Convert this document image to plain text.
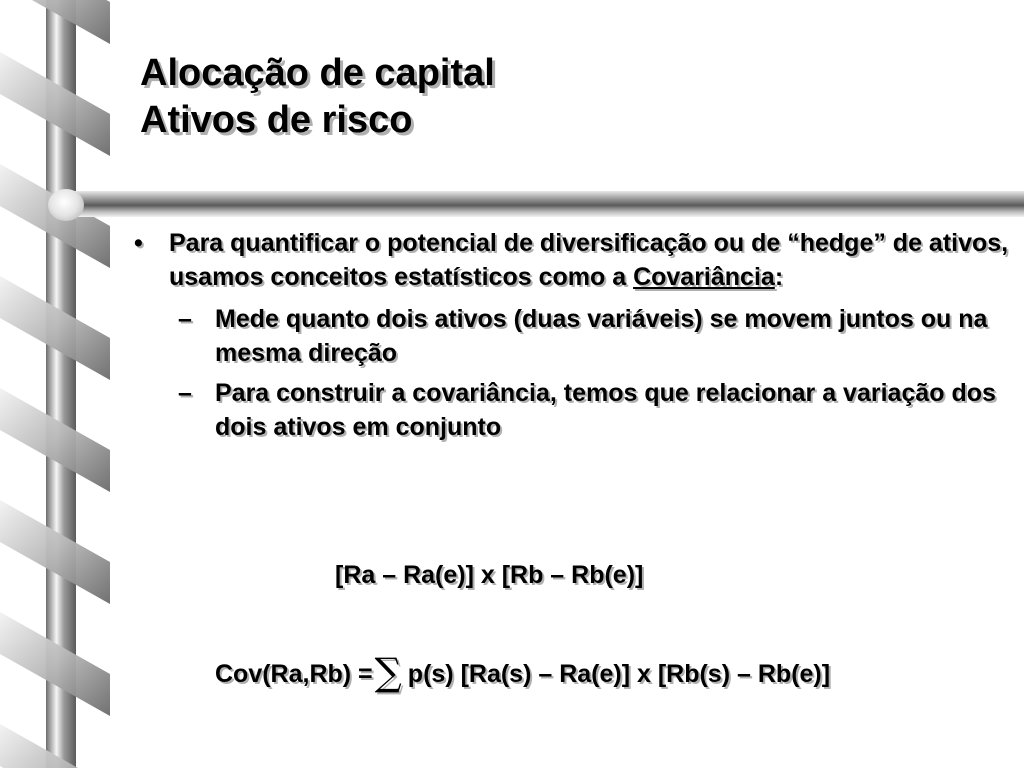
Alocação de capital
Ativos de risco

• Para quantificar o potencial de diversificação ou de “hedge” de ativos, usamos conceitos estatísticos como a Covariância:

– Mede quanto dois ativos (duas variáveis) se movem juntos ou na mesma direção

– Para construir a covariância, temos que relacionar a variação dos dois ativos em conjunto

[Ra – Ra(e)] x [Rb – Rb(e)]
Cov(Ra,Rb) =∑ p(s) [Ra(s) – Ra(e)] x [Rb(s) – Rb(e)]
